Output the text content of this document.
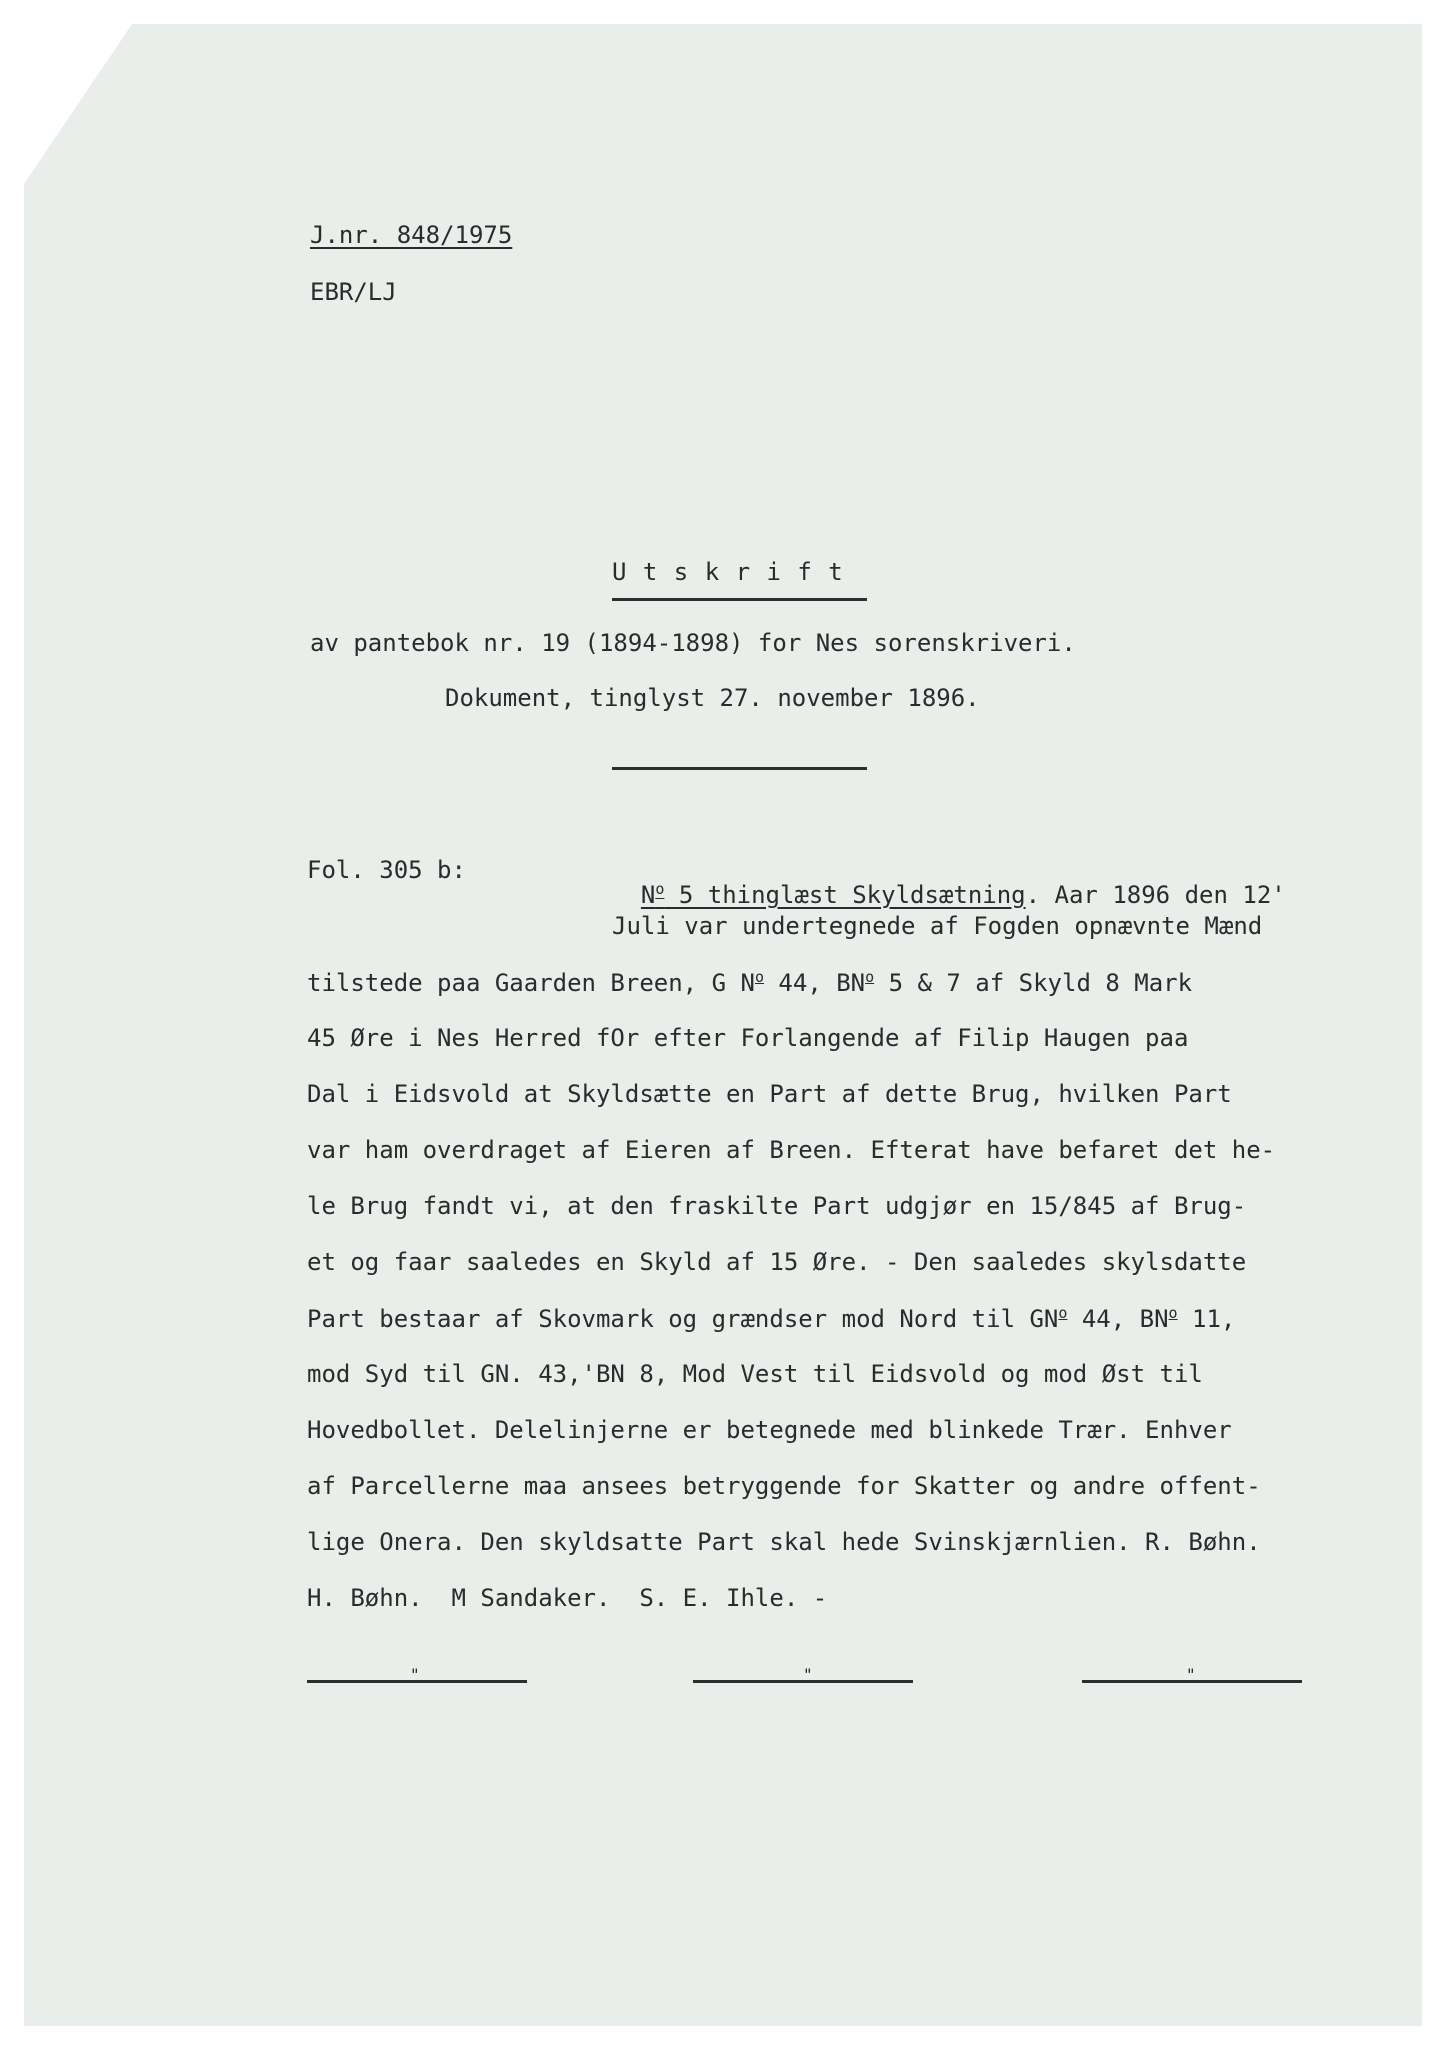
J.nr. 848/1975
EBR/LJ
U t s k r i f t
av pantebok nr. 19 (1894-1898) for Nes sorenskriveri.
Dokument, tinglyst 27. november 1896.
Fol. 305 b:

$N^o$ 5 thinglæst Skyldsætning. Aar 1896 den 12'

Juli var undertegnede af Fogden opnævnte Mænd
tilstede paa Gaarden Breen, G $N^o$ 44, $BN^o$ 5 & 7 af Skyld 8 Mark
45 Øre i Nes Herred fOr efter Forlangende af Filip Haugen paa
Dal i Eidsvold at Skyldsætte en Part af dette Brug, hvilken Part
var ham overdraget af Eieren af Breen. Efterat have befaret det he-
le Brug fandt vi, at den fraskilte Part udgjør en 15/845 af Brug-
et og faar saaledes en Skyld af 15 Øre. - Den saaledes skylsdatte
Part bestaar af Skovmark og grændser mod Nord til $GN^o$ 44, $BN^o$ 11,
mod Syd til GN. 43,'BN 8, Mod Vest til Eidsvold og mod Øst til
Hovedbollet. Delelinjerne er betegnede med blinkede Trær. Enhver
af Parcellerne maa ansees betryggende for Skatter og andre offent-
lige Onera. Den skyldsatte Part skal hede Svinskjærnlien. R. Bøhn.
H. Bøhn.  M Sandaker.  S. E. Ihle. -
"	"	"
